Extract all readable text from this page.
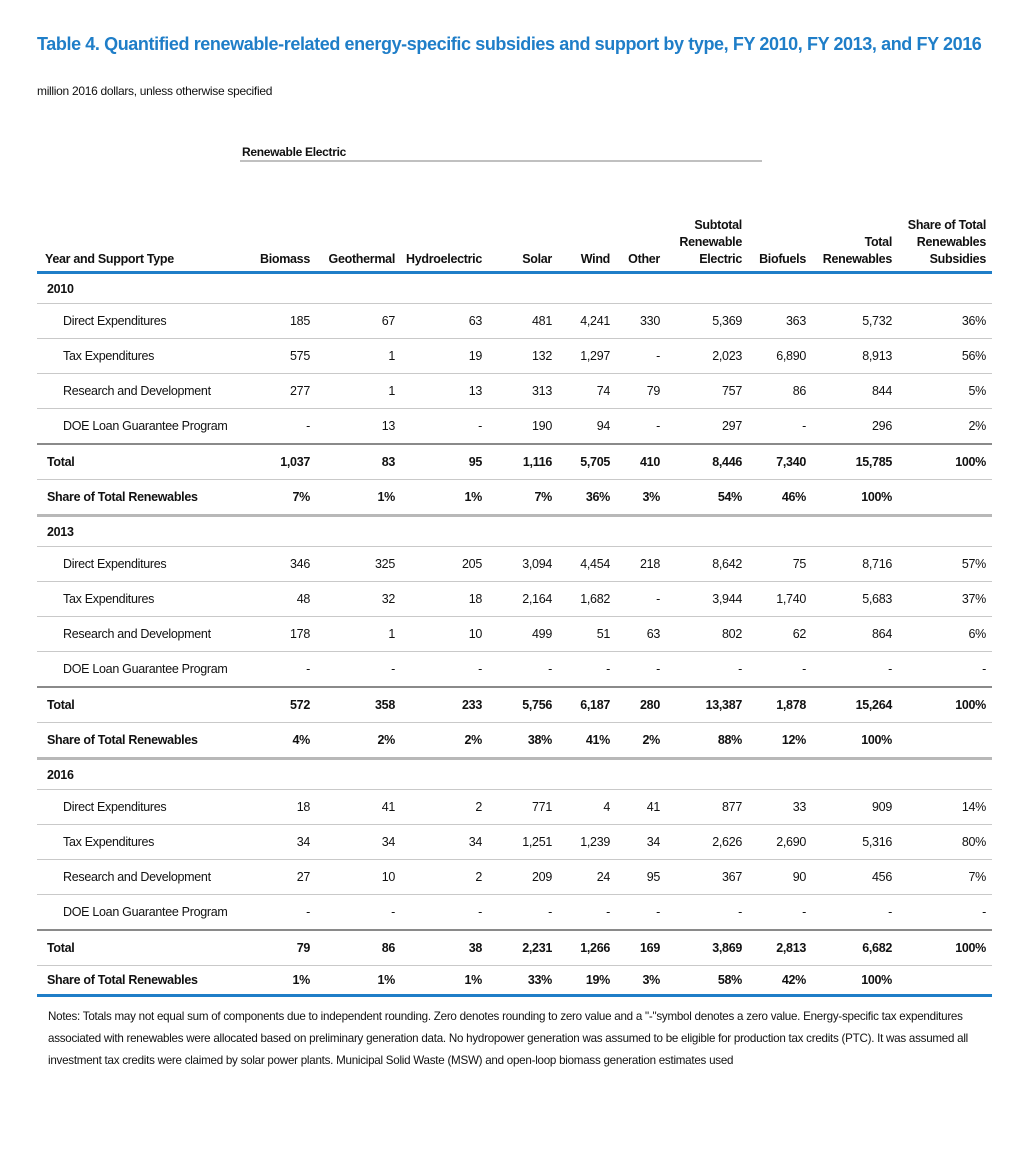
Table 4. Quantified renewable-related energy-specific subsidies and support by type, FY 2010, FY 2013, and FY 2016
million 2016 dollars, unless otherwise specified
Renewable Electric
Year and Support Type	Biomass	Geothermal	Hydroelectric	Solar	Wind	Other	Subtotal Renewable Electric	Biofuels	Total Renewables	Share of Total Renewables Subsidies
2010										
Direct Expenditures	185	67	63	481	4,241	330	5,369	363	5,732	36%
Tax Expenditures	575	1	19	132	1,297	-	2,023	6,890	8,913	56%
Research and Development	277	1	13	313	74	79	757	86	844	5%
DOE Loan Guarantee Program	-	13	-	190	94	-	297	-	296	2%
Total	1,037	83	95	1,116	5,705	410	8,446	7,340	15,785	100%
Share of Total Renewables	7%	1%	1%	7%	36%	3%	54%	46%	100%	
2013										
Direct Expenditures	346	325	205	3,094	4,454	218	8,642	75	8,716	57%
Tax Expenditures	48	32	18	2,164	1,682	-	3,944	1,740	5,683	37%
Research and Development	178	1	10	499	51	63	802	62	864	6%
DOE Loan Guarantee Program	-	-	-	-	-	-	-	-	-	-
Total	572	358	233	5,756	6,187	280	13,387	1,878	15,264	100%
Share of Total Renewables	4%	2%	2%	38%	41%	2%	88%	12%	100%	
2016										
Direct Expenditures	18	41	2	771	4	41	877	33	909	14%
Tax Expenditures	34	34	34	1,251	1,239	34	2,626	2,690	5,316	80%
Research and Development	27	10	2	209	24	95	367	90	456	7%
DOE Loan Guarantee Program	-	-	-	-	-	-	-	-	-	-
Total	79	86	38	2,231	1,266	169	3,869	2,813	6,682	100%
Share of Total Renewables	1%	1%	1%	33%	19%	3%	58%	42%	100%	
Notes: Totals may not equal sum of components due to independent rounding. Zero denotes rounding to zero value and a "-"symbol denotes a zero value. Energy-specific tax expenditures associated with renewables were allocated based on preliminary generation data. No hydropower generation was assumed to be eligible for production tax credits (PTC). It was assumed all investment tax credits were claimed by solar power plants. Municipal Solid Waste (MSW) and open-loop biomass generation estimates used
